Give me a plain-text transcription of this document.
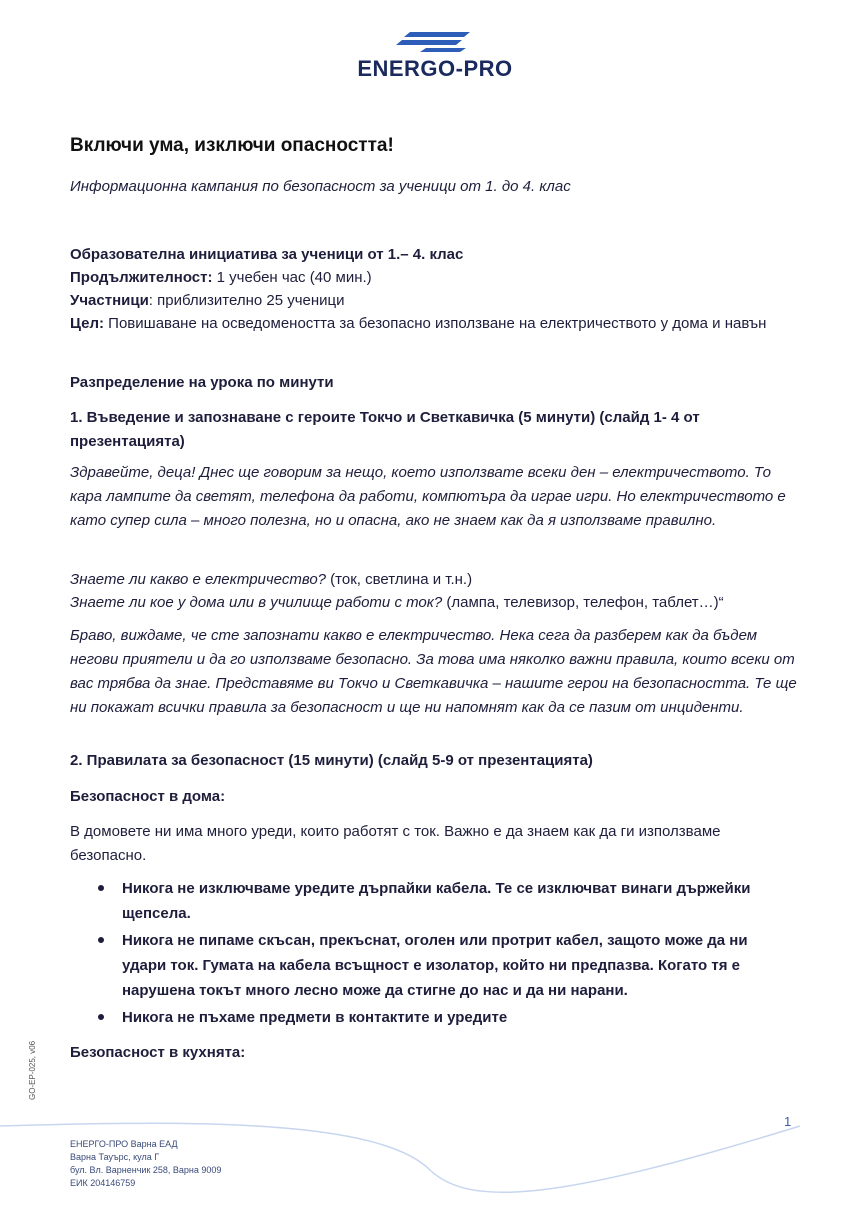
ENERGO-PRO
Включи ума, изключи опасността!

Информационна кампания по безопасност за ученици от 1. до 4. клас

Образователна инициатива за ученици от 1.– 4. клас
Продължителност: 1 учебен час (40 мин.)
Участници: приблизително 25 ученици
Цел: Повишаване на осведомеността за безопасно използване на електричеството у дома и навън

Разпределение на урока по минути

1. Въведение и запознаване с героите Токчо и Светкавичка (5 минути) (слайд 1- 4 от презентацията)

Здравейте, деца! Днес ще говорим за нещо, което използвате всеки ден – електричеството. То кара лампите да светят, телефона да работи, компютъра да играе игри. Но електричеството е като супер сила – много полезна, но и опасна, ако не знаем как да я използваме правилно.

Знаете ли какво е електричество? (ток, светлина и т.н.)
Знаете ли кое у дома или в училище работи с ток? (лампа, телевизор, телефон, таблет…)“

Браво, виждаме, че сте запознати какво е електричество. Нека сега да разберем как да бъдем негови приятели и да го използваме безопасно. За това има няколко важни правила, които всеки от вас трябва да знае. Представяме ви Токчо и Светкавичка – нашите герои на безопасността. Те ще ни покажат всички правила за безопасност и ще ни напомнят как да се пазим от инциденти.

2. Правилата за безопасност (15 минути) (слайд 5-9 от презентацията)

Безопасност в дома:

В домовете ни има много уреди, които работят с ток. Важно е да знаем как да ги използваме безопасно.

Никога не изключваме уредите дърпайки кабела. Те се изключват винаги държейки щепсела.
Никога не пипаме скъсан, прекъснат, оголен или протрит кабел, защото може да ни удари ток. Гумата на кабела всъщност е изолатор, който ни предпазва. Когато тя е нарушена токът много лесно може да стигне до нас и да ни нарани.
Никога не пъхаме предмети в контактите и уредите

Безопасност в кухнята:

GO-EP-025, v06
1
ЕНЕРГО-ПРО Варна ЕАД
Варна Тауърс, кула Г
бул. Вл. Варненчик 258, Варна 9009
ЕИК 204146759
